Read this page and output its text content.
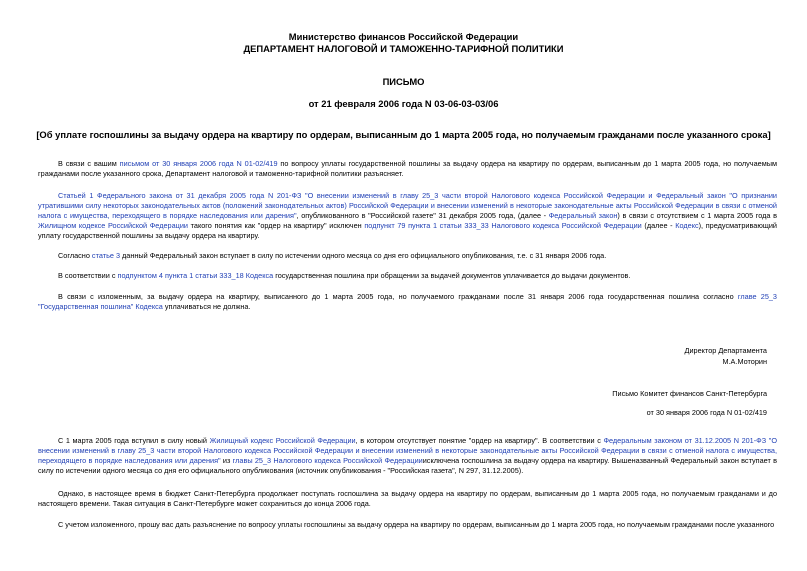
Министерство финансов Российской Федерации
ДЕПАРТАМЕНТ НАЛОГОВОЙ И ТАМОЖЕННО-ТАРИФНОЙ ПОЛИТИКИ
ПИСЬМО
от 21 февраля 2006 года N 03-06-03-03/06
[Об уплате госпошлины за выдачу ордера на квартиру по ордерам, выписанным до 1 марта 2005 года, но получаемым гражданами после указанного срока]

В связи с вашим письмом от 30 января 2006 года N 01-02/419 по вопросу уплаты государственной пошлины за выдачу ордера на квартиру по ордерам, выписанным до 1 марта 2005 года, но получаемым гражданами после указанного срока, Департамент налоговой и таможенно-тарифной политики разъясняет.

Статьей 1 Федерального закона от 31 декабря 2005 года N 201-ФЗ "О внесении изменений в главу 25_3 части второй Налогового кодекса Российской Федерации и Федеральный закон "О признании утратившими силу некоторых законодательных актов (положений законодательных актов) Российской Федерации и внесении изменений в некоторые законодательные акты Российской Федерации в связи с отменой налога с имущества, переходящего в порядке наследования или дарения", опубликованного в "Российской газете" 31 декабря 2005 года, (далее - Федеральный закон) в связи с отсутствием с 1 марта 2005 года в Жилищном кодексе Российской Федерации такого понятия как "ордер на квартиру" исключен подпункт 79 пункта 1 статьи 333_33 Налогового кодекса Российской Федерации (далее - Кодекс), предусматривающий уплату государственной пошлины за выдачу ордера на квартиру.

Согласно статье 3 данный Федеральный закон вступает в силу по истечении одного месяца со дня его официального опубликования, т.е. с 31 января 2006 года.

В соответствии с подпунктом 4 пункта 1 статьи 333_18 Кодекса государственная пошлина при обращении за выдачей документов уплачивается до выдачи документов.

В связи с изложенным, за выдачу ордера на квартиру, выписанного до 1 марта 2005 года, но получаемого гражданами после 31 января 2006 года государственная пошлина согласно главе 25_3 "Государственная пошлина" Кодекса уплачиваться не должна.

Директор Департамента
М.А.Моторин
Письмо Комитет финансов Санкт-Петербурга
от 30 января 2006 года N 01-02/419

С 1 марта 2005 года вступил в силу новый Жилищный кодекс Российской Федерации, в котором отсутствует понятие "ордер на квартиру". В соответствии с Федеральным законом от 31.12.2005 N 201-ФЗ "О внесении изменений в главу 25_3 части второй Налогового кодекса Российской Федерации и внесении изменений в некоторые законодательные акты Российской Федерации в связи с отменой налога с имущества, переходящего в порядке наследования или дарения" из главы 25_3 Налогового кодекса Российской Федерацииисключена госпошлина за выдачу ордера на квартиру. Вышеназванный Федеральный закон вступает в силу по истечении одного месяца со дня его официального опубликования (источник опубликования - "Российская газета", N 297, 31.12.2005).

Однако, в настоящее время в бюджет Санкт-Петербурга продолжает поступать госпошлина за выдачу ордера на квартиру по ордерам, выписанным до 1 марта 2005 года, но получаемым гражданами и до настоящего времени. Такая ситуация в Санкт-Петербурге может сохраниться до конца 2006 года.

С учетом изложенного, прошу вас дать разъяснение по вопросу уплаты госпошлины за выдачу ордера на квартиру по ордерам, выписанным до 1 марта 2005 года, но получаемым гражданами после указанного
